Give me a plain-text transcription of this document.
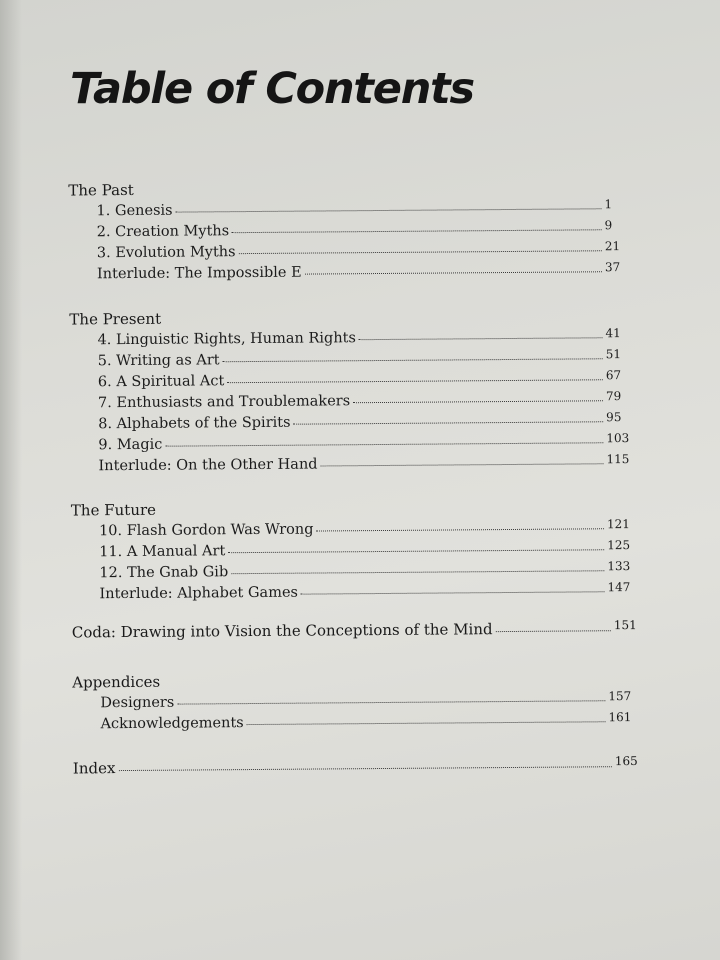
Table of Contents
The Past
1. Genesis	1
2. Creation Myths	9
3. Evolution Myths	21
Interlude: The Impossible E	37
The Present
4. Linguistic Rights, Human Rights	41
5. Writing as Art	51
6. A Spiritual Act	67
7. Enthusiasts and Troublemakers	79
8. Alphabets of the Spirits	95
9. Magic	103
Interlude: On the Other Hand	115
The Future
10. Flash Gordon Was Wrong	121
11. A Manual Art	125
12. The Gnab Gib	133
Interlude: Alphabet Games	147
Coda: Drawing into Vision the Conceptions of the Mind	151
Appendices
Designers	157
Acknowledgements	161
Index	165
